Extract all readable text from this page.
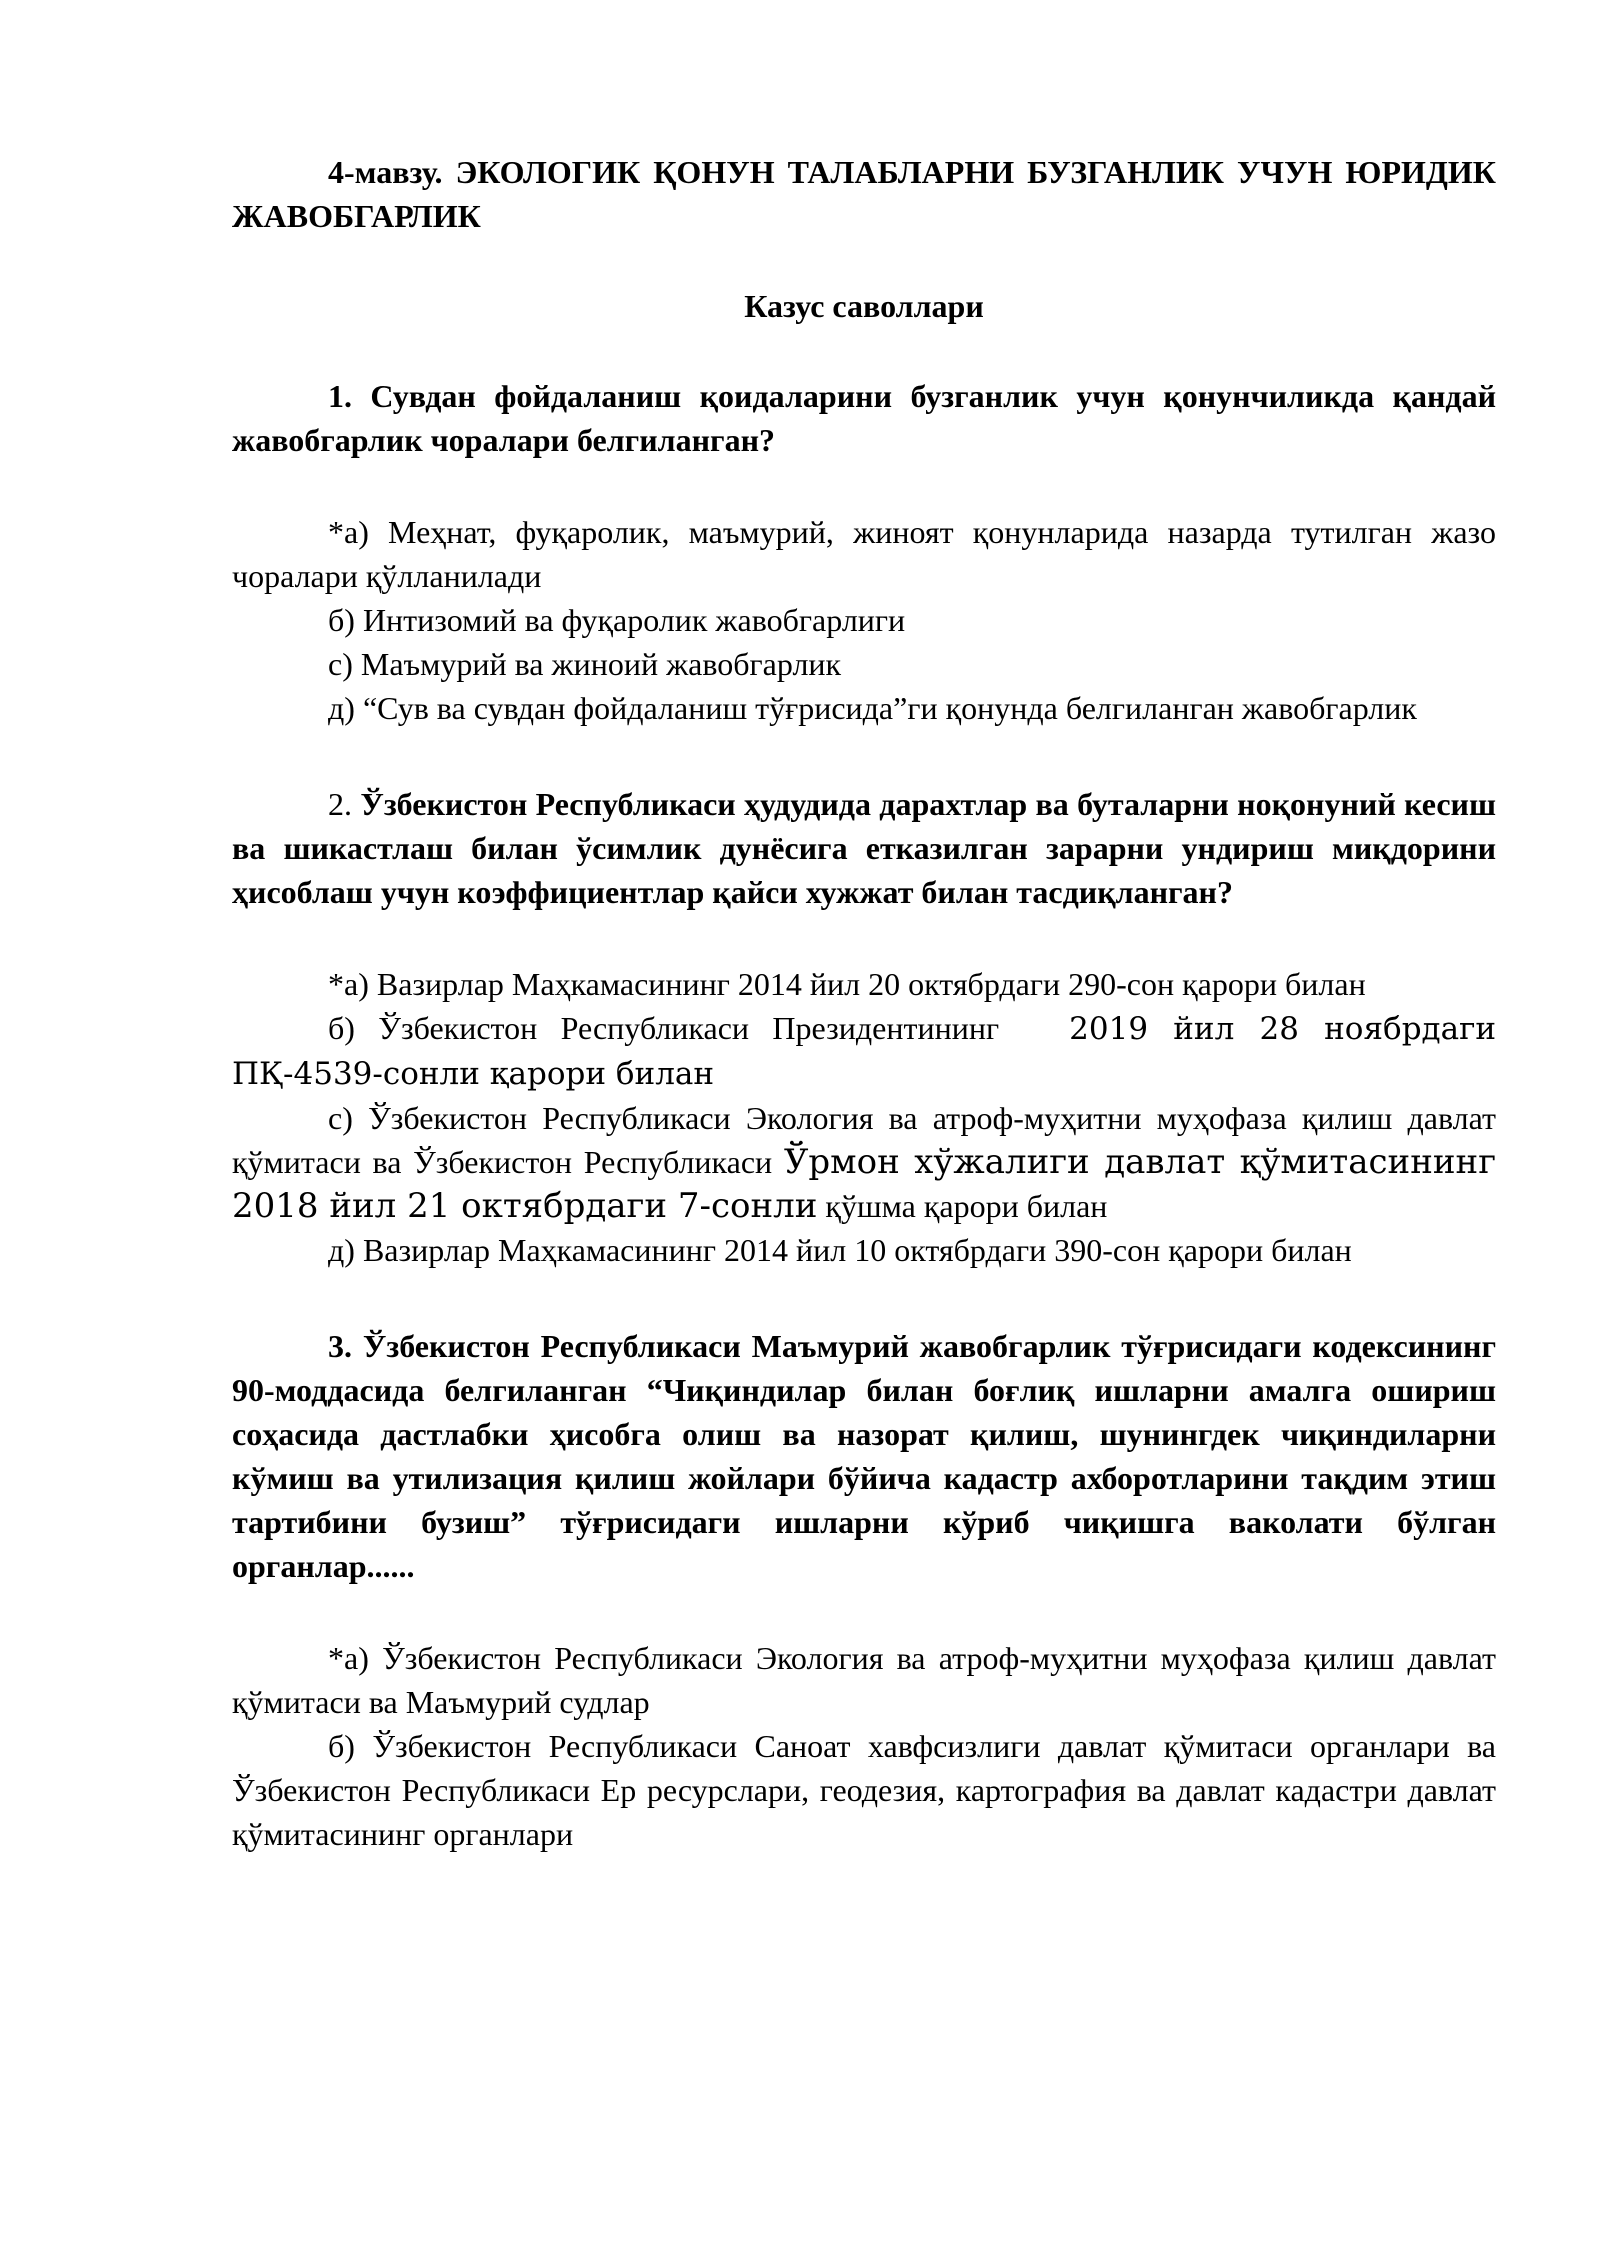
4-мавзу. ЭКОЛОГИК ҚОНУН ТАЛАБЛАРНИ БУЗГАНЛИК УЧУН ЮРИДИК ЖАВОБГАРЛИК

Казус саволлари

1. Сувдан фойдаланиш қоидаларини бузганлик учун қонунчиликда қандай жавобгарлик чоралари белгиланган?

*а) Меҳнат, фуқаролик, маъмурий, жиноят қонунларида назарда тутилган жазо чоралари қўлланилади

б) Интизомий ва фуқаролик жавобгарлиги

с) Маъмурий ва жиноий жавобгарлик

д) “Сув ва сувдан фойдаланиш тўғрисида”ги қонунда белгиланган жавобгарлик

2. Ўзбекистон Республикаси ҳудудида дарахтлар ва буталарни ноқонуний кесиш ва шикастлаш билан ўсимлик дунёсига етказилган зарарни ундириш миқдорини ҳисоблаш учун коэффициентлар қайси хужжат билан тасдиқланган?

*а) Вазирлар Маҳкамасининг 2014 йил 20 октябрдаги 290-сон қарори билан

б) Ўзбекистон Республикаси Президентининг 2019 йил 28 ноябрдаги ПҚ-4539-сонли қарори билан

с) Ўзбекистон Республикаси Экология ва атроф-муҳитни муҳофаза қилиш давлат қўмитаси ва Ўзбекистон Республикаси Ўрмон хўжалиги давлат қўмитасининг 2018 йил 21 октябрдаги 7-сонли қўшма қарори билан

д) Вазирлар Маҳкамасининг 2014 йил 10 октябрдаги 390-сон қарори билан

3. Ўзбекистон Республикаси Маъмурий жавобгарлик тўғрисидаги кодексининг 90-моддасида белгиланган “Чиқиндилар билан боғлиқ ишларни амалга ошириш соҳасида дастлабки ҳисобга олиш ва назорат қилиш, шунингдек чиқиндиларни кўмиш ва утилизация қилиш жойлари бўйича кадастр ахборотларини тақдим этиш тартибини бузиш” тўғрисидаги ишларни кўриб чиқишга ваколати бўлган органлар......

*а) Ўзбекистон Республикаси Экология ва атроф-муҳитни муҳофаза қилиш давлат қўмитаси ва Маъмурий судлар

б) Ўзбекистон Республикаси Саноат хавфсизлиги давлат қўмитаси органлари ва Ўзбекистон Республикаси Ер ресурслари, геодезия, картография ва давлат кадастри давлат қўмитасининг органлари
